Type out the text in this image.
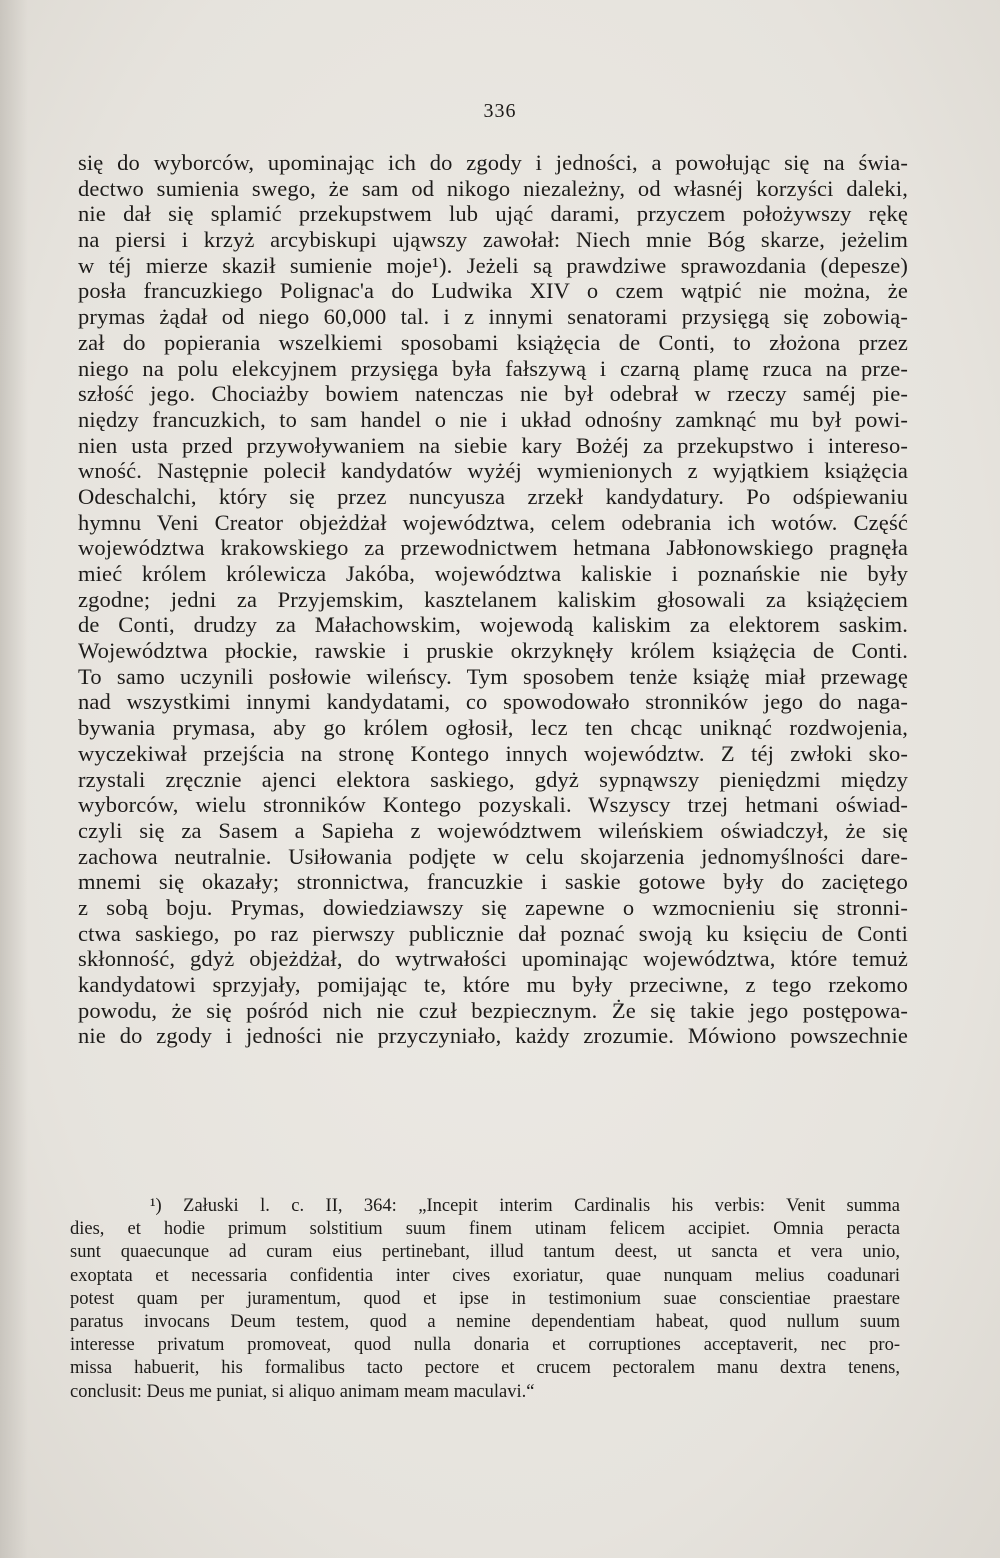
336
się do wyborców, upominając ich do zgody i jedności, a powołując się na świa-
dectwo sumienia swego, że sam od nikogo niezależny, od własnéj korzyści daleki,
nie dał się splamić przekupstwem lub ująć darami, przyczem położywszy rękę
na piersi i krzyż arcybiskupi ująwszy zawołał: Niech mnie Bóg skarze, jeżelim
w téj mierze skaził sumienie moje¹). Jeżeli są prawdziwe sprawozdania (depesze)
posła francuzkiego Polignac'a do Ludwika XIV o czem wątpić nie można, że
prymas żądał od niego 60,000 tal. i z innymi senatorami przysięgą się zobowią-
zał do popierania wszelkiemi sposobami książęcia de Conti, to złożona przez
niego na polu elekcyjnem przysięga była fałszywą i czarną plamę rzuca na prze-
szłość jego. Chociażby bowiem natenczas nie był odebrał w rzeczy saméj pie-
niędzy francuzkich, to sam handel o nie i układ odnośny zamknąć mu był powi-
nien usta przed przywoływaniem na siebie kary Bożéj za przekupstwo i intereso-
wność. Następnie polecił kandydatów wyżéj wymienionych z wyjątkiem książęcia
Odeschalchi, który się przez nuncyusza zrzekł kandydatury. Po odśpiewaniu
hymnu Veni Creator objeżdżał województwa, celem odebrania ich wotów. Część
województwa krakowskiego za przewodnictwem hetmana Jabłonowskiego pragnęła
mieć królem królewicza Jakóba, województwa kaliskie i poznańskie nie były
zgodne; jedni za Przyjemskim, kasztelanem kaliskim głosowali za książęciem
de Conti, drudzy za Małachowskim, wojewodą kaliskim za elektorem saskim.
Województwa płockie, rawskie i pruskie okrzyknęły królem książęcia de Conti.
To samo uczynili posłowie wileńscy. Tym sposobem tenże książę miał przewagę
nad wszystkimi innymi kandydatami, co spowodowało stronników jego do naga-
bywania prymasa, aby go królem ogłosił, lecz ten chcąc uniknąć rozdwojenia,
wyczekiwał przejścia na stronę Kontego innych województw. Z téj zwłoki sko-
rzystali zręcznie ajenci elektora saskiego, gdyż sypnąwszy pieniędzmi między
wyborców, wielu stronników Kontego pozyskali. Wszyscy trzej hetmani oświad-
czyli się za Sasem a Sapieha z województwem wileńskiem oświadczył, że się
zachowa neutralnie. Usiłowania podjęte w celu skojarzenia jednomyślności dare-
mnemi się okazały; stronnictwa, francuzkie i saskie gotowe były do zaciętego
z sobą boju. Prymas, dowiedziawszy się zapewne o wzmocnieniu się stronni-
ctwa saskiego, po raz pierwszy publicznie dał poznać swoją ku księciu de Conti
skłonność, gdyż objeżdżał, do wytrwałości upominając województwa, które temuż
kandydatowi sprzyjały, pomijając te, które mu były przeciwne, z tego rzekomo
powodu, że się pośród nich nie czuł bezpiecznym. Że się takie jego postępowa-
nie do zgody i jedności nie przyczyniało, każdy zrozumie. Mówiono powszechnie
¹) Załuski l. c. II, 364: „Incepit interim Cardinalis his verbis: Venit summa
dies, et hodie primum solstitium suum finem utinam felicem accipiet. Omnia peracta
sunt quaecunque ad curam eius pertinebant, illud tantum deest, ut sancta et vera unio,
exoptata et necessaria confidentia inter cives exoriatur, quae nunquam melius coadunari
potest quam per juramentum, quod et ipse in testimonium suae conscientiae praestare
paratus invocans Deum testem, quod a nemine dependentiam habeat, quod nullum suum
interesse privatum promoveat, quod nulla donaria et corruptiones acceptaverit, nec pro-
missa habuerit, his formalibus tacto pectore et crucem pectoralem manu dextra tenens,
conclusit: Deus me puniat, si aliquo animam meam maculavi.“
